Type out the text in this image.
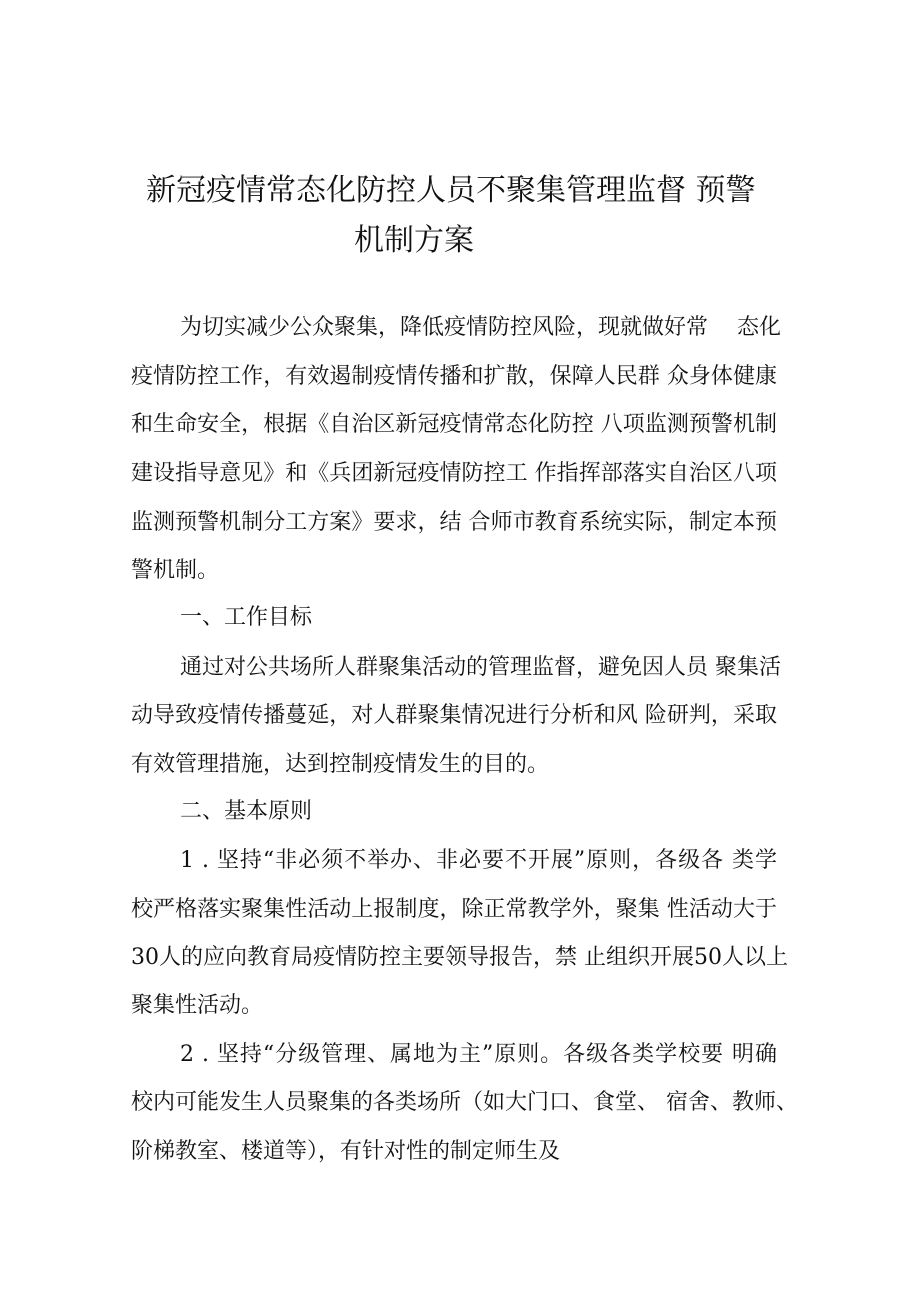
新冠疫情常态化防控人员不聚集管理监督 预警
机制方案
为切实减少公众聚集，降低疫情防控风险，现就做好常　 态化
疫情防控工作，有效遏制疫情传播和扩散，保障人民群 众身体健康
和生命安全，根据《自治区新冠疫情常态化防控 八项监测预警机制
建设指导意见》和《兵团新冠疫情防控工 作指挥部落实自治区八项
监测预警机制分工方案》要求，结 合师市教育系统实际，制定本预
警机制。
一、工作目标
通过对公共场所人群聚集活动的管理监督，避免因人员 聚集活
动导致疫情传播蔓延，对人群聚集情况进行分析和风 险研判，采取
有效管理措施，达到控制疫情发生的目的。
二、基本原则
1 . 坚持“非必须不举办、非必要不开展”原则，各级各 类学
校严格落实聚集性活动上报制度，除正常教学外，聚集 性活动大于
30人的应向教育局疫情防控主要领导报告，禁 止组织开展50人以上
聚集性活动。
2 . 坚持“分级管理、属地为主”原则。各级各类学校要 明确
校内可能发生人员聚集的各类场所（如大门口、食堂、 宿舍、教师、
阶梯教室、楼道等），有针对性的制定师生及
